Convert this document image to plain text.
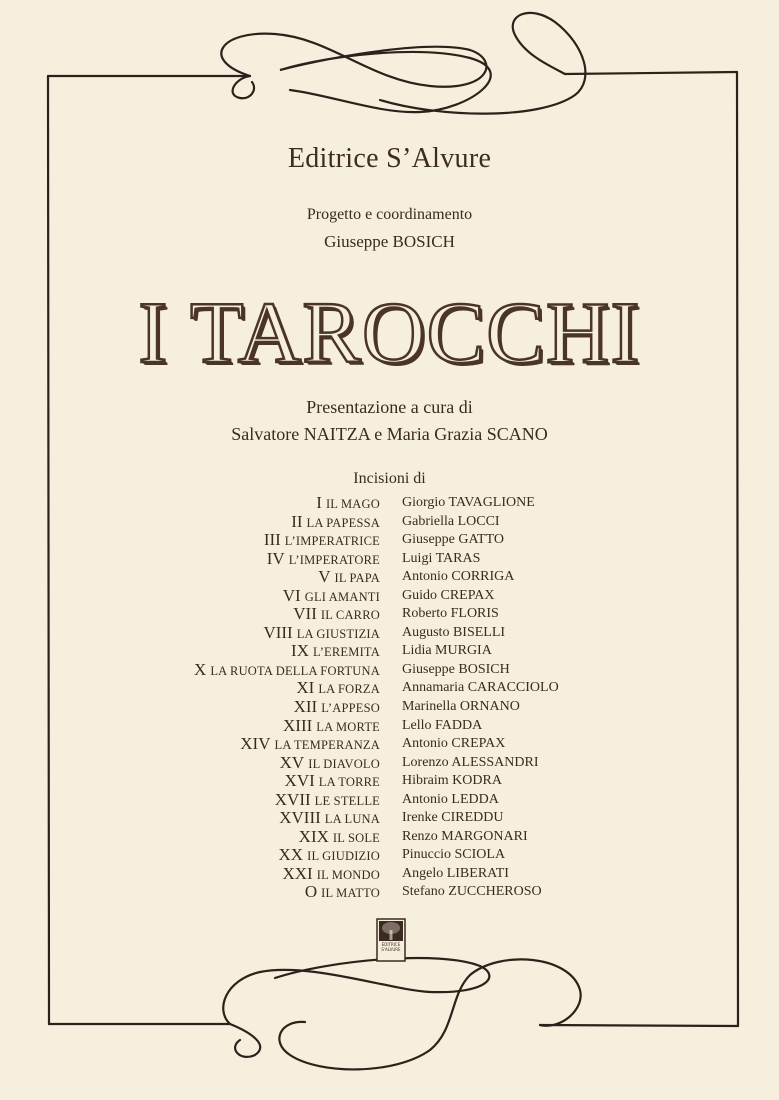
Editrice S’Alvure
Progetto e coordinamento
Giuseppe BOSICH
I TAROCCHI
Presentazione a cura di
Salvatore NAITZA e Maria Grazia SCANO
Incisioni di
I IL MAGO Giorgio TAVAGLIONE
II LA PAPESSA Gabriella LOCCI
III L’IMPERATRICE Giuseppe GATTO
IV L’IMPERATORE Luigi TARAS
V IL PAPA Antonio CORRIGA
VI GLI AMANTI Guido CREPAX
VII IL CARRO Roberto FLORIS
VIII LA GIUSTIZIA Augusto BISELLI
IX L’EREMITA Lidia MURGIA
X LA RUOTA DELLA FORTUNA Giuseppe BOSICH
XI LA FORZA Annamaria CARACCIOLO
XII L’APPESO Marinella ORNANO
XIII LA MORTE Lello FADDA
XIV LA TEMPERANZA Antonio CREPAX
XV IL DIAVOLO Lorenzo ALESSANDRI
XVI LA TORRE Hibraim KODRA
XVII LE STELLE Antonio LEDDA
XVIII LA LUNA Irenke CIREDDU
XIX IL SOLE Renzo MARGONARI
XX IL GIUDIZIO Pinuccio SCIOLA
XXI IL MONDO Angelo LIBERATI
O IL MATTO Stefano ZUCCHEROSO
EDITRICE
S'ALVURE
